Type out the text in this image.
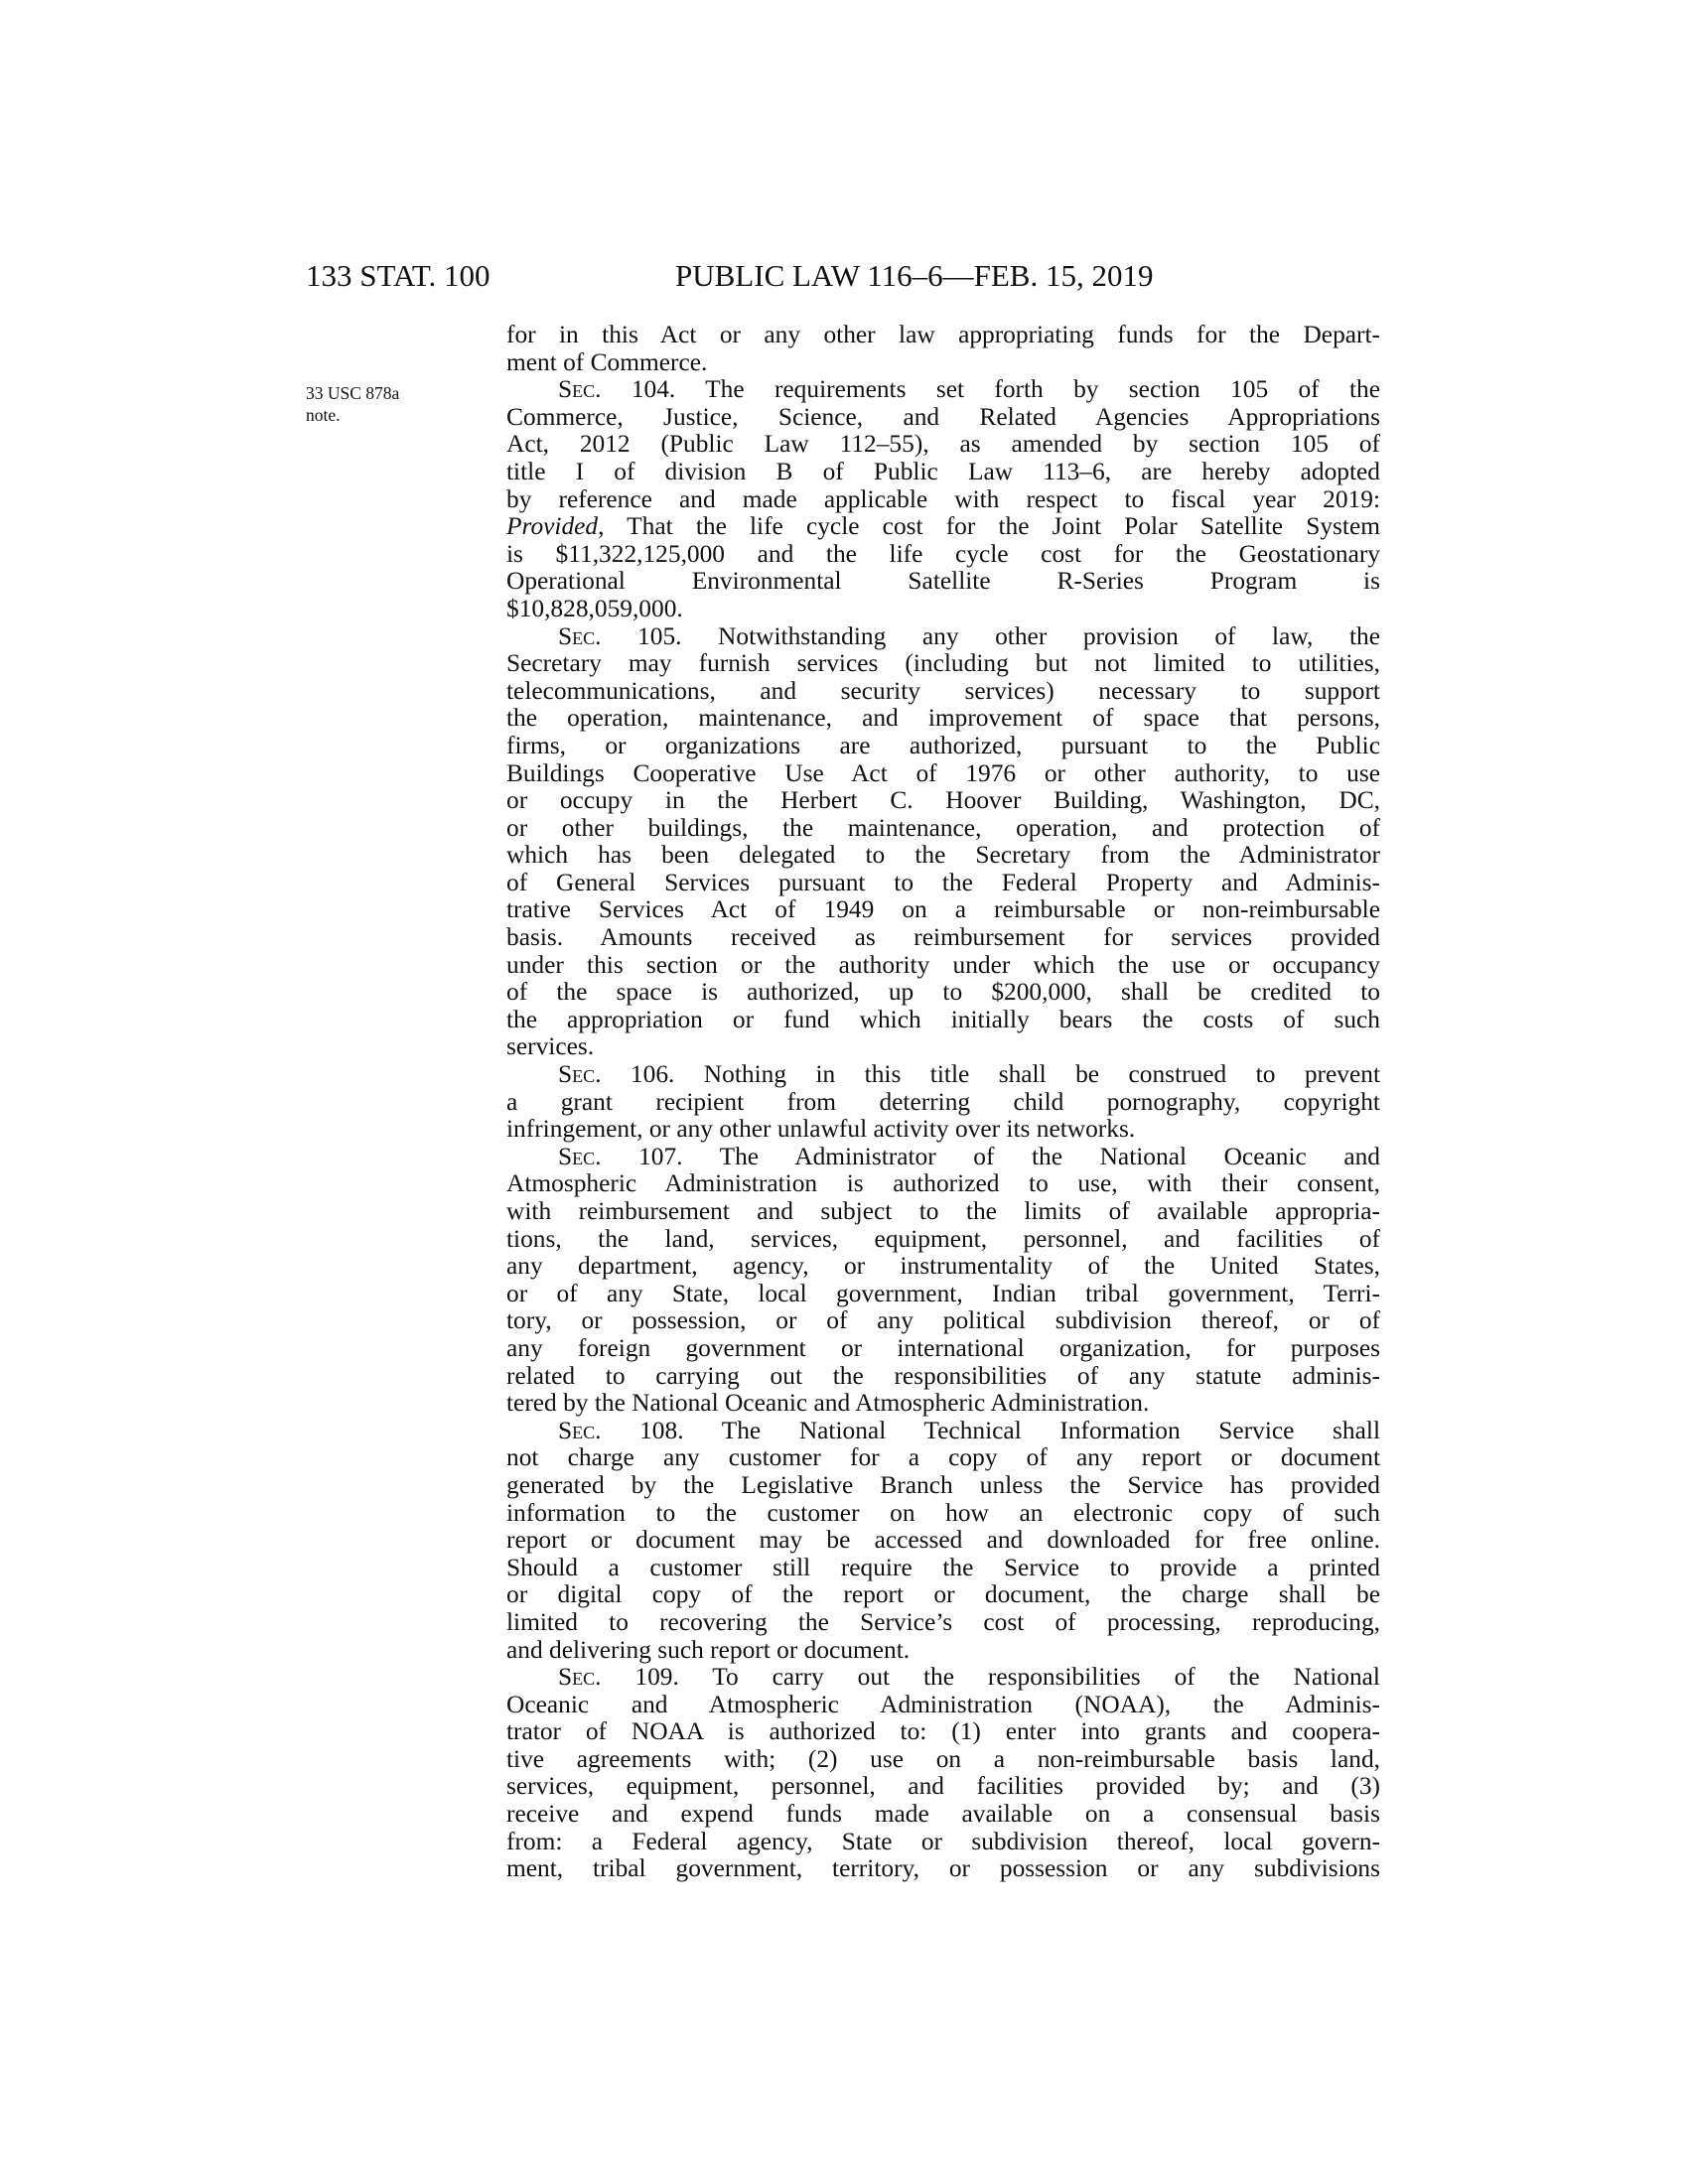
133 STAT. 100	PUBLIC LAW 116–6—FEB. 15, 2019
33 USC 878a
note.
for in this Act or any other law appropriating funds for the Depart-
ment of Commerce.
Sec. 104. The requirements set forth by section 105 of the
Commerce, Justice, Science, and Related Agencies Appropriations
Act, 2012 (Public Law 112–55), as amended by section 105 of
title I of division B of Public Law 113–6, are hereby adopted
by reference and made applicable with respect to fiscal year 2019:
Provided, That the life cycle cost for the Joint Polar Satellite System
is $11,322,125,000 and the life cycle cost for the Geostationary
Operational Environmental Satellite R-Series Program is
$10,828,059,000.
Sec. 105. Notwithstanding any other provision of law, the
Secretary may furnish services (including but not limited to utilities,
telecommunications, and security services) necessary to support
the operation, maintenance, and improvement of space that persons,
firms, or organizations are authorized, pursuant to the Public
Buildings Cooperative Use Act of 1976 or other authority, to use
or occupy in the Herbert C. Hoover Building, Washington, DC,
or other buildings, the maintenance, operation, and protection of
which has been delegated to the Secretary from the Administrator
of General Services pursuant to the Federal Property and Adminis-
trative Services Act of 1949 on a reimbursable or non-reimbursable
basis. Amounts received as reimbursement for services provided
under this section or the authority under which the use or occupancy
of the space is authorized, up to $200,000, shall be credited to
the appropriation or fund which initially bears the costs of such
services.
Sec. 106. Nothing in this title shall be construed to prevent
a grant recipient from deterring child pornography, copyright
infringement, or any other unlawful activity over its networks.
Sec. 107. The Administrator of the National Oceanic and
Atmospheric Administration is authorized to use, with their consent,
with reimbursement and subject to the limits of available appropria-
tions, the land, services, equipment, personnel, and facilities of
any department, agency, or instrumentality of the United States,
or of any State, local government, Indian tribal government, Terri-
tory, or possession, or of any political subdivision thereof, or of
any foreign government or international organization, for purposes
related to carrying out the responsibilities of any statute adminis-
tered by the National Oceanic and Atmospheric Administration.
Sec. 108. The National Technical Information Service shall
not charge any customer for a copy of any report or document
generated by the Legislative Branch unless the Service has provided
information to the customer on how an electronic copy of such
report or document may be accessed and downloaded for free online.
Should a customer still require the Service to provide a printed
or digital copy of the report or document, the charge shall be
limited to recovering the Service’s cost of processing, reproducing,
and delivering such report or document.
Sec. 109. To carry out the responsibilities of the National
Oceanic and Atmospheric Administration (NOAA), the Adminis-
trator of NOAA is authorized to: (1) enter into grants and coopera-
tive agreements with; (2) use on a non-reimbursable basis land,
services, equipment, personnel, and facilities provided by; and (3)
receive and expend funds made available on a consensual basis
from: a Federal agency, State or subdivision thereof, local govern-
ment, tribal government, territory, or possession or any subdivisions
